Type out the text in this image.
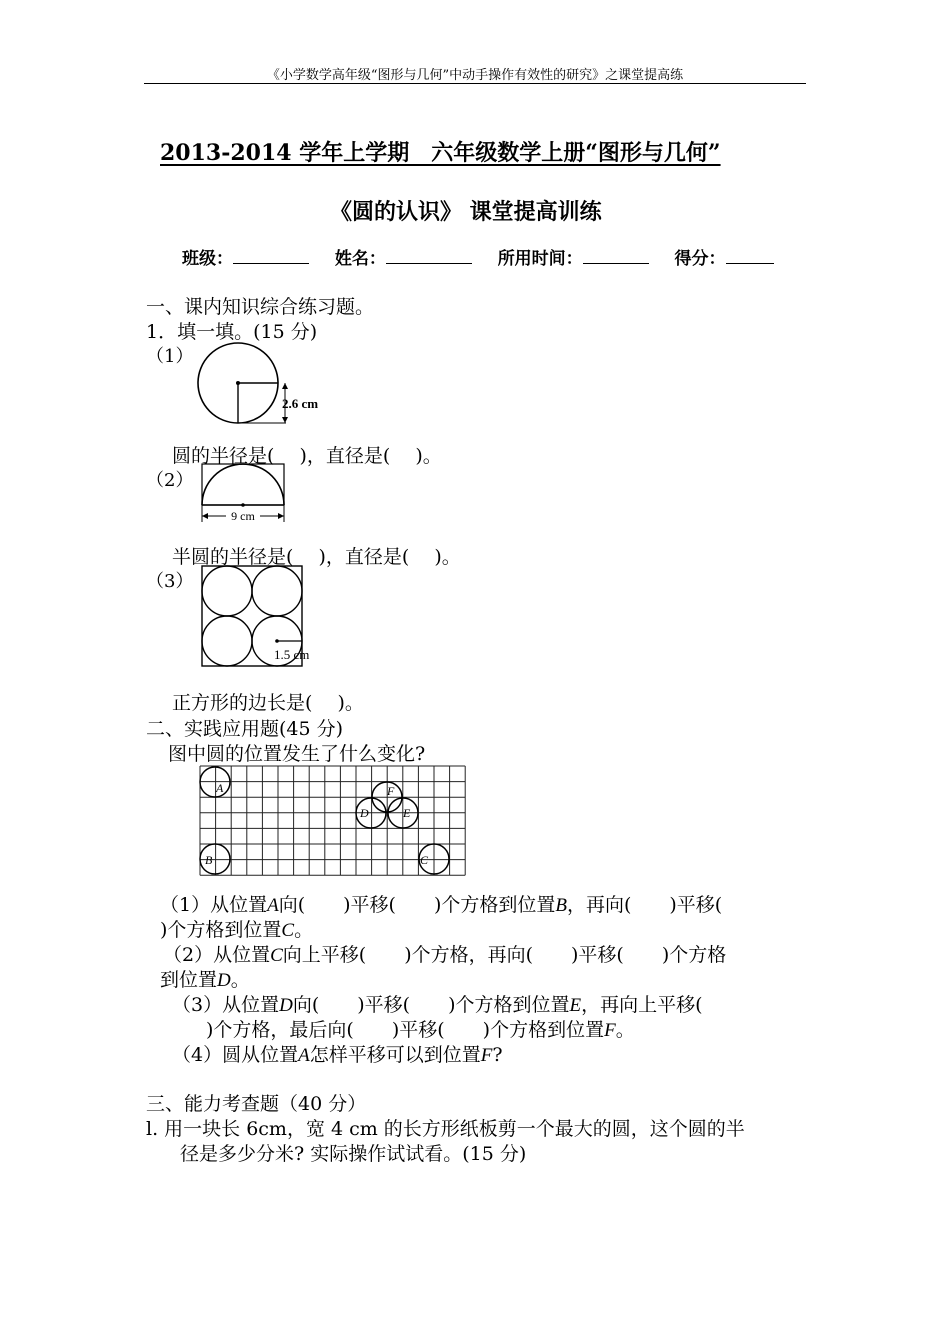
《小学数学高年级“图形与几何”中动手操作有效性的研究》之课堂提高练
2013-2014 学年上学期　六年级数学上册“图形与几何”
《圆的认识》 课堂提高训练
班级：	姓名：	所用时间：	得分：
一、课内知识综合练习题。
1．填一填。(15 分)
（1）
2.6 cm
圆的半径是(　 )，直径是(　 )。
（2）
9 cm
半圆的半径是(　 )，直径是(　 )。
（3）
1.5 cm
正方形的边长是(　 )。
二、实践应用题(45 分)
图中圆的位置发生了什么变化?
A
B	C
D	E
F
（1）从位置A向(　　)平移(　　)个方格到位置B，再向(　　)平移(
)个方格到位置C。
（2）从位置C向上平移(　　)个方格，再向(　　)平移(　　)个方格
到位置D。
（3）从位置D向(　　)平移(　　)个方格到位置E，再向上平移(
)个方格，最后向(　　)平移(　　)个方格到位置F。
（4）圆从位置A怎样平移可以到位置F?
三、能力考查题（40 分）
l. 用一块长 6cm，宽 4 cm 的长方形纸板剪一个最大的圆，这个圆的半
径是多少分米? 实际操作试试看。(15 分)
